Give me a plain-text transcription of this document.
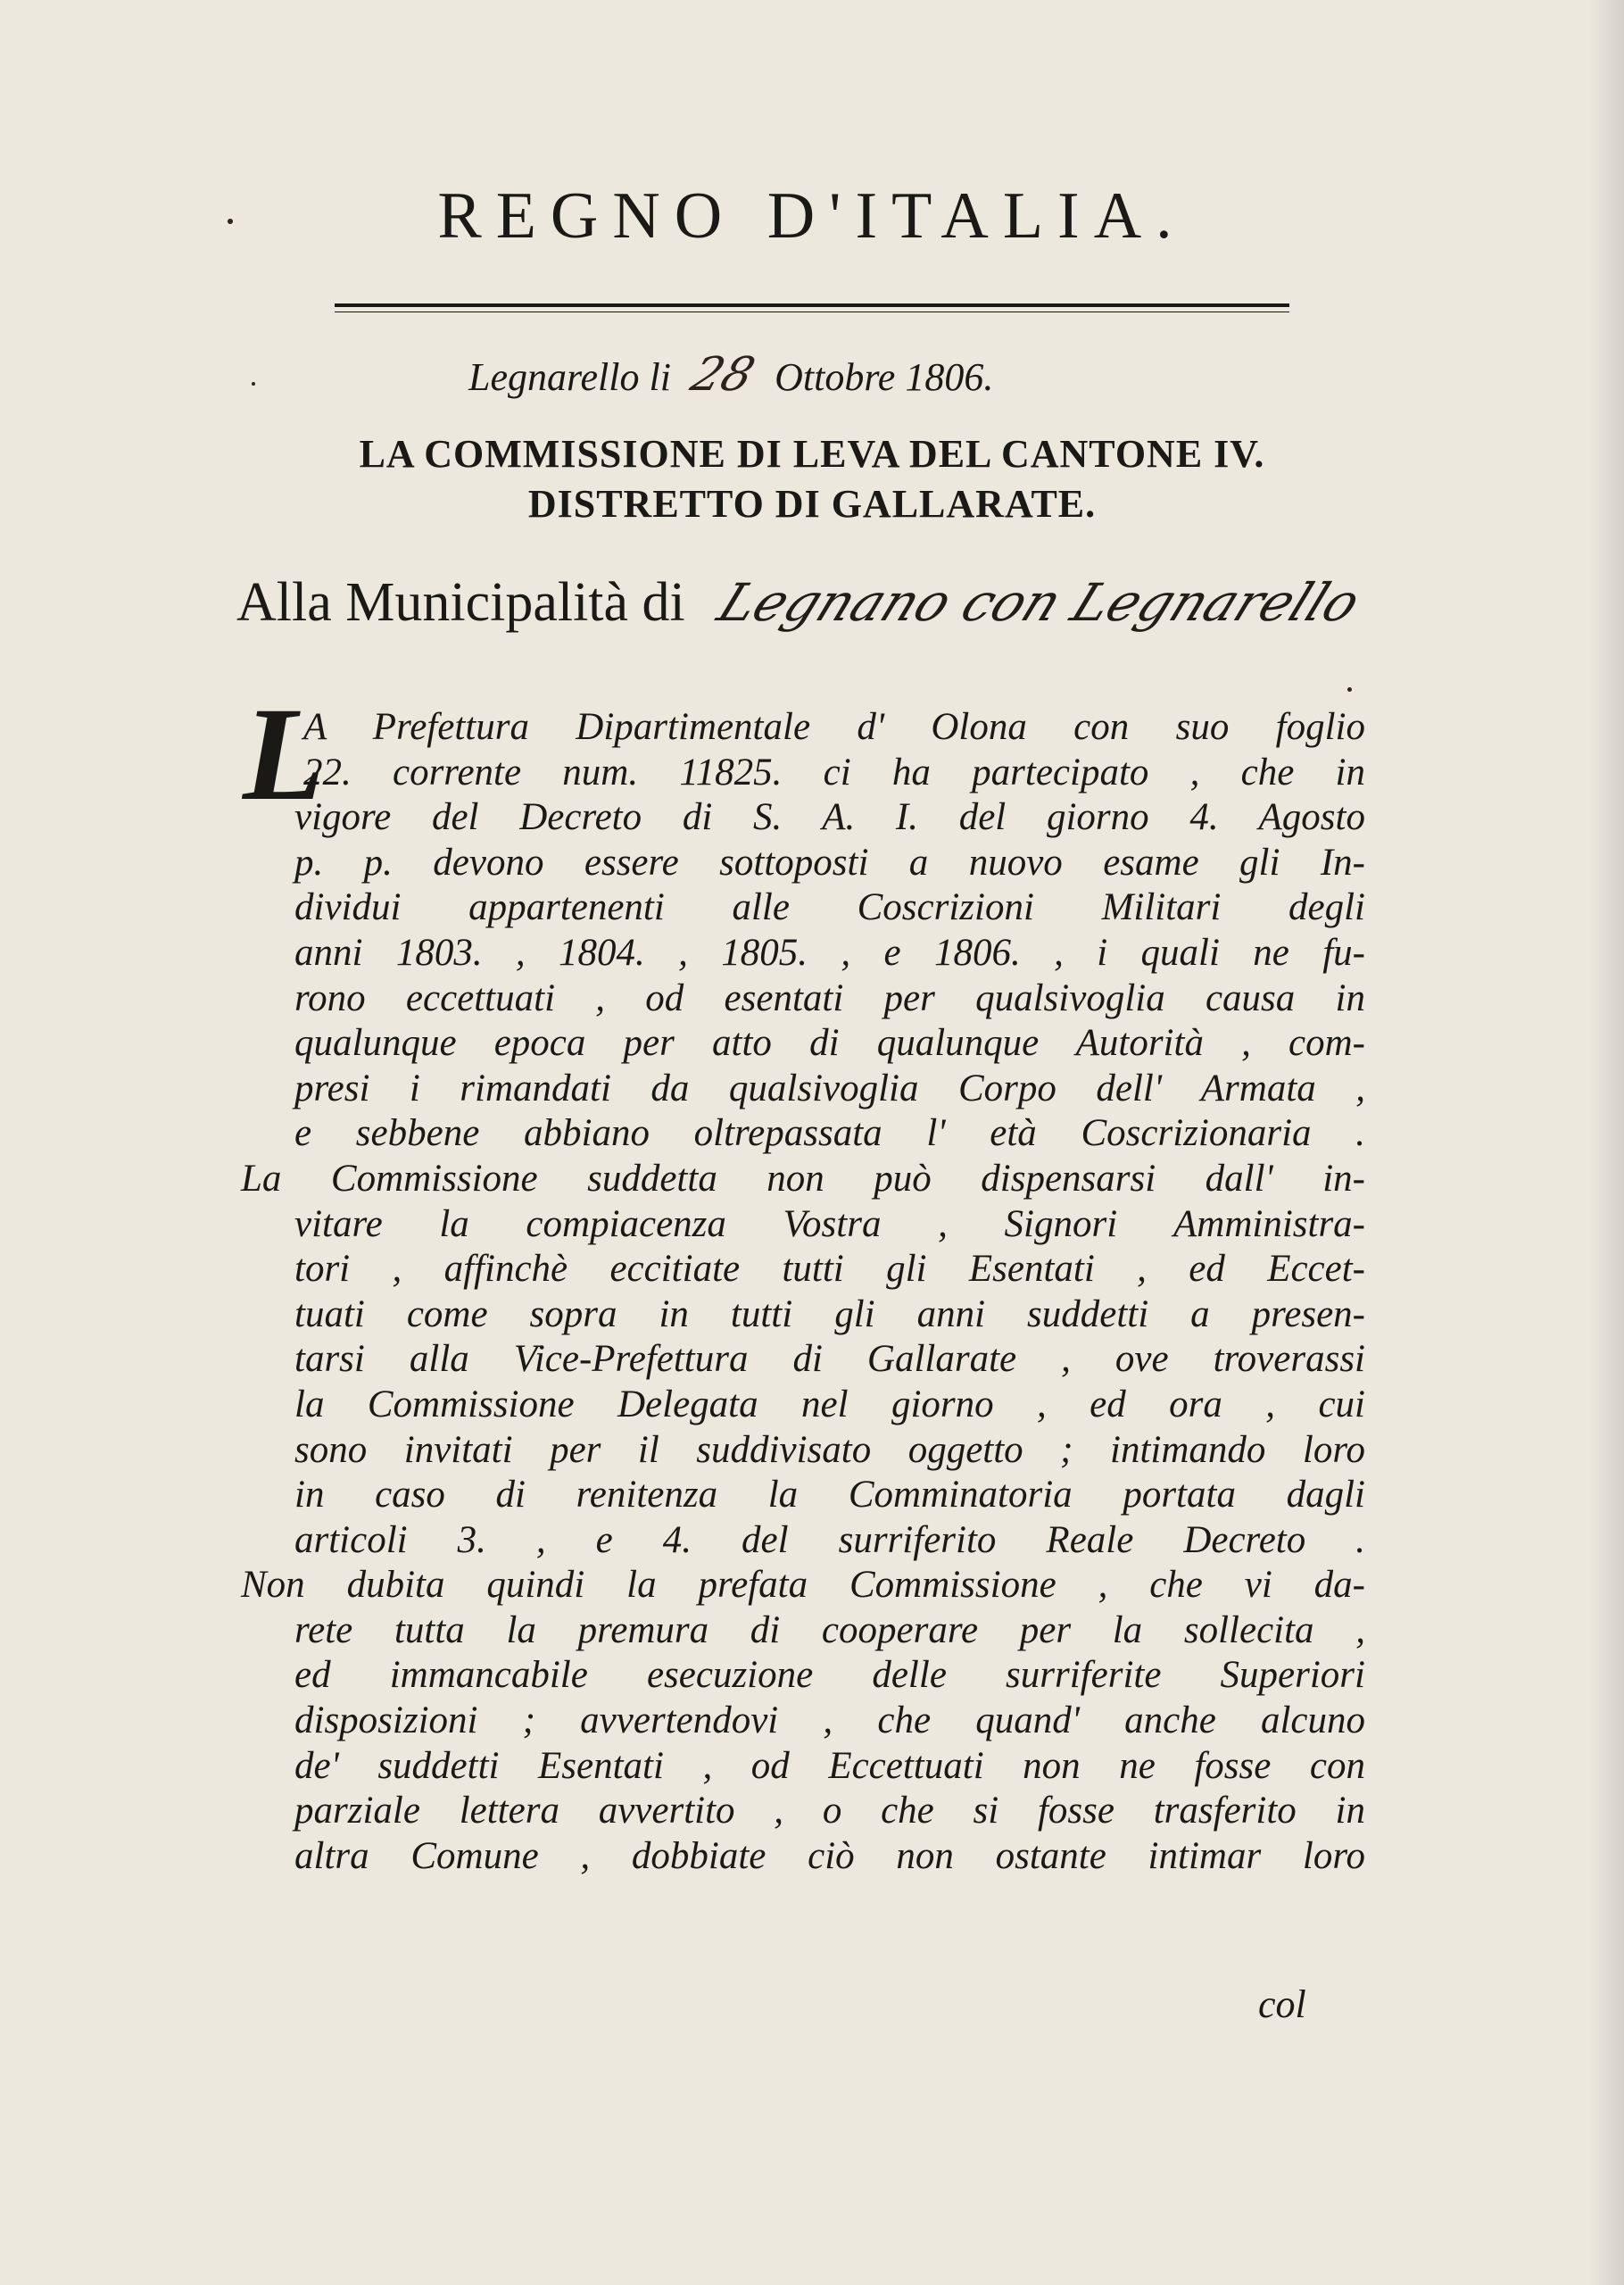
REGNO D'ITALIA.
Legnarello li 28 Ottobre 1806.
LA COMMISSIONE DI LEVA DEL CANTONE IV.
DISTRETTO DI GALLARATE.
Alla Municipalità di Legnano con Legnarello
L
A Prefettura Dipartimentale d' Olona con suo foglio
22. corrente num. 11825. ci ha partecipato , che in
vigore del Decreto di S. A. I. del giorno 4. Agosto
p. p. devono essere sottoposti a nuovo esame gli In-
dividui appartenenti alle Coscrizioni Militari degli
anni 1803. , 1804. , 1805. , e 1806. , i quali ne fu-
rono eccettuati , od esentati per qualsivoglia causa in
qualunque epoca per atto di qualunque Autorità , com-
presi i rimandati da qualsivoglia Corpo dell' Armata ,
e sebbene abbiano oltrepassata l' età Coscrizionaria .
La Commissione suddetta non può dispensarsi dall' in-
vitare la compiacenza Vostra , Signori Amministra-
tori , affinchè eccitiate tutti gli Esentati , ed Eccet-
tuati come sopra in tutti gli anni suddetti a presen-
tarsi alla Vice-Prefettura di Gallarate , ove troverassi
la Commissione Delegata nel giorno , ed ora , cui
sono invitati per il suddivisato oggetto ; intimando loro
in caso di renitenza la Comminatoria portata dagli
articoli 3. , e 4. del surriferito Reale Decreto .
Non dubita quindi la prefata Commissione , che vi da-
rete tutta la premura di cooperare per la sollecita ,
ed immancabile esecuzione delle surriferite Superiori
disposizioni ; avvertendovi , che quand' anche alcuno
de' suddetti Esentati , od Eccettuati non ne fosse con
parziale lettera avvertito , o che si fosse trasferito in
altra Comune , dobbiate ciò non ostante intimar loro
col
